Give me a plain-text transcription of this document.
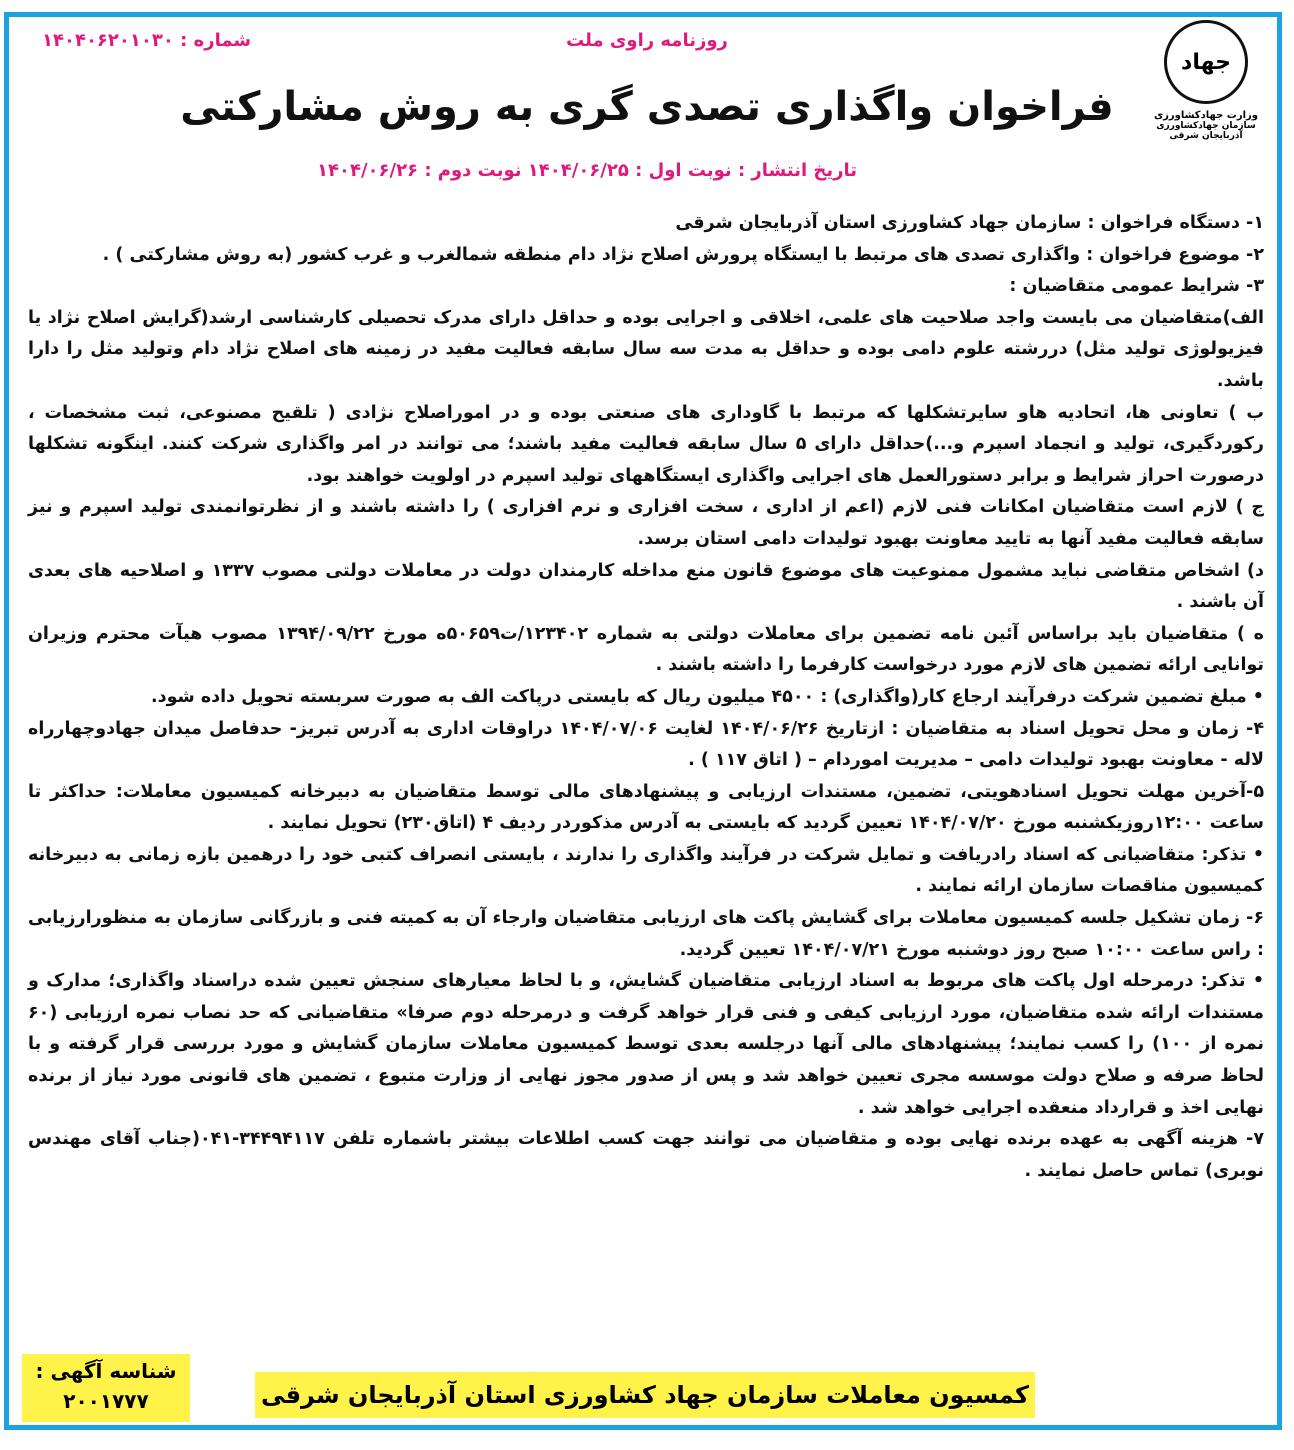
جهاد
وزارت جهادکشاورزی
سازمان جهادکشاورزی آذربایجان شرقی
روزنامه راوی ملت
شماره : ۱۴۰۴۰۶۲۰۱۰۳۰
فراخوان واگذاری تصدی گری به روش مشارکتی
تاریخ انتشار : نوبت اول : ۱۴۰۴/۰۶/۲۵ نوبت دوم : ۱۴۰۴/۰۶/۲۶

۱- دستگاه فراخوان : سازمان جهاد کشاورزی استان آذربایجان شرقی

۲- موضوع فراخوان : واگذاری تصدی های مرتبط با ایستگاه پرورش اصلاح نژاد دام منطقه شمالغرب و غرب کشور (به روش مشارکتی ) .

۳- شرایط عمومی متقاضیان :

الف)متقاضیان می بایست واجد صلاحیت های علمی، اخلاقی و اجرایی بوده و حداقل دارای مدرک تحصیلی کارشناسی ارشد(گرایش اصلاح نژاد یا فیزیولوژی تولید مثل) دررشته علوم دامی بوده و حداقل به مدت سه سال سابقه فعالیت مفید در زمینه های اصلاح نژاد دام وتولید مثل را دارا باشد.

ب ) تعاونی ها، اتحادیه هاو سایرتشکلها که مرتبط با گاوداری های صنعتی بوده و در اموراصلاح نژادی ( تلقیح مصنوعی، ثبت مشخصات ، رکوردگیری، تولید و انجماد اسپرم و...)حداقل دارای ۵ سال سابقه فعالیت مفید باشند؛ می توانند در امر واگذاری شرکت کنند. اینگونه تشکلها درصورت احراز شرایط و برابر دستورالعمل های اجرایی واگذاری ایستگاههای تولید اسپرم در اولویت خواهند بود.

ج ) لازم است متقاضیان امکانات فنی لازم (اعم از اداری ، سخت افزاری و نرم افزاری ) را داشته باشند و از نظرتوانمندی تولید اسپرم و نیز سابقه فعالیت مفید آنها به تایید معاونت بهبود تولیدات دامی استان برسد.

د) اشخاص متقاضی نباید مشمول ممنوعیت های موضوع قانون منع مداخله کارمندان دولت در معاملات دولتی مصوب ۱۳۳۷ و اصلاحیه های بعدی آن باشند .

ه ) متقاضیان باید براساس آئین نامه تضمین برای معاملات دولتی به شماره ۱۲۳۴۰۲/ت۵۰۶۵۹ه مورخ ۱۳۹۴/۰۹/۲۲ مصوب هیآت محترم وزیران توانایی ارائه تضمین های لازم مورد درخواست کارفرما را داشته باشند .

• مبلغ تضمین شرکت درفرآیند ارجاع کار(واگذاری) : ۴۵۰۰ میلیون ریال که بایستی درپاکت الف به صورت سربسته تحویل داده شود.

۴- زمان و محل تحویل اسناد به متقاضیان : ازتاریخ ۱۴۰۴/۰۶/۲۶ لغایت ۱۴۰۴/۰۷/۰۶ دراوقات اداری به آدرس تبریز- حدفاصل میدان جهادوچهارراه لاله - معاونت بهبود تولیدات دامی – مدیریت اموردام – ( اتاق ۱۱۷ ) .

۵-آخرین مهلت تحویل اسنادهویتی، تضمین، مستندات ارزیابی و پیشنهادهای مالی توسط متقاضیان به دبیرخانه کمیسیون معاملات: حداکثر تا ساعت ۱۲:۰۰روزیکشنبه مورخ ۱۴۰۴/۰۷/۲۰ تعیین گردید که بایستی به آدرس مذکوردر ردیف ۴ (اتاق۲۳۰) تحویل نمایند .

• تذکر: متقاضیانی که اسناد رادریافت و تمایل شرکت در فرآیند واگذاری را ندارند ، بایستی انصراف کتبی خود را درهمین بازه زمانی به دبیرخانه کمیسیون مناقصات سازمان ارائه نمایند .

۶- زمان تشکیل جلسه کمیسیون معاملات برای گشایش پاکت های ارزیابی متقاضیان وارجاء آن به کمیته فنی و بازرگانی سازمان به منظورارزیابی : راس ساعت ۱۰:۰۰ صبح روز دوشنبه مورخ ۱۴۰۴/۰۷/۲۱ تعیین گردید.

• تذکر: درمرحله اول پاکت های مربوط به اسناد ارزیابی متقاضیان گشایش، و با لحاظ معیارهای سنجش تعیین شده دراسناد واگذاری؛ مدارک و مستندات ارائه شده متقاضیان، مورد ارزیابی کیفی و فنی قرار خواهد گرفت و درمرحله دوم صرفا» متقاضیانی که حد نصاب نمره ارزیابی (۶۰ نمره از ۱۰۰) را کسب نمایند؛ پیشنهادهای مالی آنها درجلسه بعدی توسط کمیسیون معاملات سازمان گشایش و مورد بررسی قرار گرفته و با لحاظ صرفه و صلاح دولت موسسه مجری تعیین خواهد شد و پس از صدور مجوز نهایی از وزارت متبوع ، تضمین های قانونی مورد نیاز از برنده نهایی اخذ و قرارداد منعقده اجرایی خواهد شد .

۷- هزینه آگهی به عهده برنده نهایی بوده و متقاضیان می توانند جهت کسب اطلاعات بیشتر باشماره تلفن ۳۴۴۹۴۱۱۷-۰۴۱(جناب آقای مهندس نوبری) تماس حاصل نمایند .

شناسه آگهی :
۲۰۰۱۷۷۷	کمسیون معاملات سازمان جهاد کشاورزی استان آذربایجان شرقی
